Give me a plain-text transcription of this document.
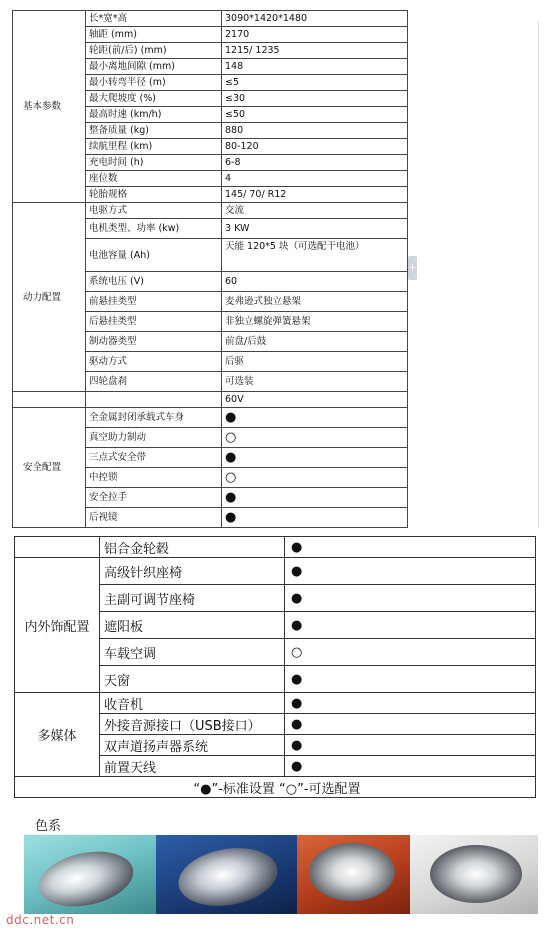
基本参数	长*宽*高	3090*1420*1480
	轴距 (mm)	2170
	轮距(前/后) (mm)	1215/ 1235
	最小离地间隙 (mm)	148
	最小转弯半径 (m)	≤5
	最大爬坡度 (%)	≤30
	最高时速 (km/h)	≤50
	整备质量 (kg)	880
	续航里程 (km)	80-120
	充电时间 (h)	6-8
	座位数	4
	轮胎规格	145/ 70/ R12
动力配置	电驱方式	交流
	电机类型、功率 (kw)	3 KW
	电池容量 (Ah)	天能 120*5 块（可选配干电池）
	系统电压 (V)	60
	前悬挂类型	麦弗逊式独立悬架
	后悬挂类型	非独立螺旋弹簧悬架
	制动器类型	前盘/后鼓
	驱动方式	后驱
	四轮盘刹	可选装
		60V
安全配置	全金属封闭承载式车身	●
	真空助力制动	○
	三点式安全带	●
	中控锁	○
	安全拉手	●
	后视镜	●
+
	铝合金轮毂	●
内外饰配置	高级针织座椅	●
	主副可调节座椅	●
	遮阳板	●
	车载空调	○
	天窗	●
多媒体	收音机	●
	外接音源接口（USB接口）	●
	双声道扬声器系统	●
	前置天线	●
“●”-标准设置 “○”-可选配置		
色系
ddc.net.cn
